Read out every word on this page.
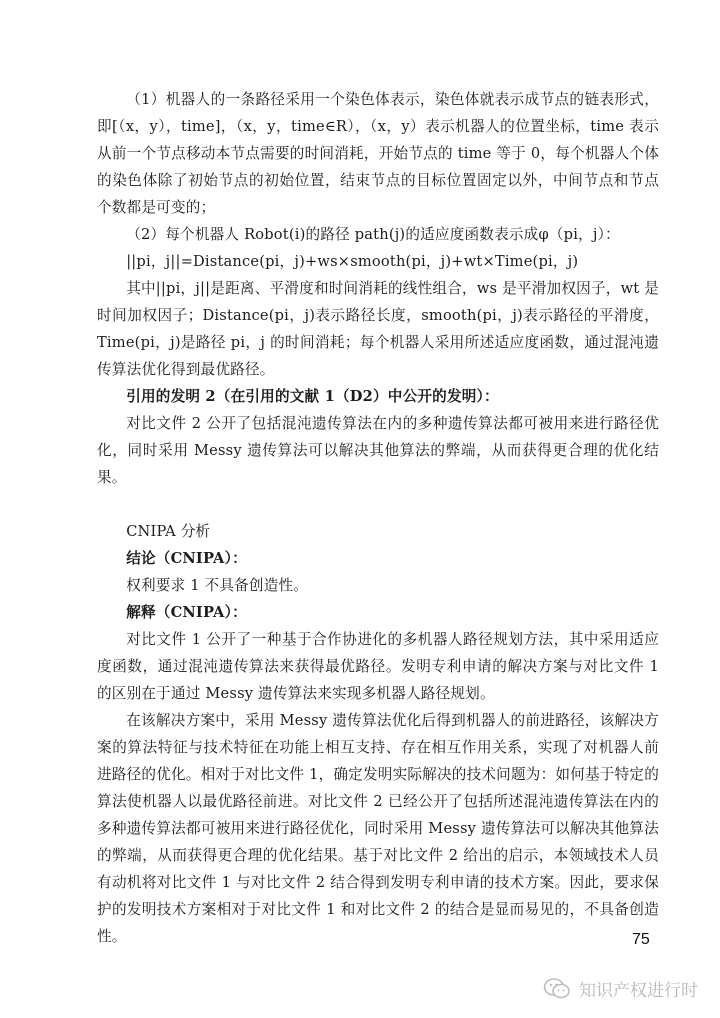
（1）机器人的一条路径采用一个染色体表示，染色体就表示成节点的链表形式，即[（x，y），time]，（x，y，time∈R），（x，y）表示机器人的位置坐标，time 表示从前一个节点移动本节点需要的时间消耗，开始节点的 time 等于 0，每个机器人个体的染色体除了初始节点的初始位置，结束节点的目标位置固定以外，中间节点和节点个数都是可变的；

（2）每个机器人 Robot(i)的路径 path(j)的适应度函数表示成φ（pi，j）：

||pi，j||=Distance(pi，j)+ws×smooth(pi，j)+wt×Time(pi，j)

其中||pi，j||是距离、平滑度和时间消耗的线性组合，ws 是平滑加权因子，wt 是时间加权因子；Distance(pi，j)表示路径长度，smooth(pi，j)表示路径的平滑度，Time(pi，j)是路径 pi，j 的时间消耗；每个机器人采用所述适应度函数，通过混沌遗传算法优化得到最优路径。

引用的发明 2（在引用的文献 1（D2）中公开的发明）：

对比文件 2 公开了包括混沌遗传算法在内的多种遗传算法都可被用来进行路径优化，同时采用 Messy 遗传算法可以解决其他算法的弊端，从而获得更合理的优化结果。

CNIPA 分析

结论（CNIPA）：

权利要求 1 不具备创造性。

解释（CNIPA）：

对比文件 1 公开了一种基于合作协进化的多机器人路径规划方法，其中采用适应度函数，通过混沌遗传算法来获得最优路径。发明专利申请的解决方案与对比文件 1 的区别在于通过 Messy 遗传算法来实现多机器人路径规划。

在该解决方案中，采用 Messy 遗传算法优化后得到机器人的前进路径，该解决方案的算法特征与技术特征在功能上相互支持、存在相互作用关系，实现了对机器人前进路径的优化。相对于对比文件 1，确定发明实际解决的技术问题为：如何基于特定的算法使机器人以最优路径前进。对比文件 2 已经公开了包括所述混沌遗传算法在内的多种遗传算法都可被用来进行路径优化，同时采用 Messy 遗传算法可以解决其他算法的弊端，从而获得更合理的优化结果。基于对比文件 2 给出的启示，本领域技术人员有动机将对比文件 1 与对比文件 2 结合得到发明专利申请的技术方案。因此，要求保护的发明技术方案相对于对比文件 1 和对比文件 2 的结合是显而易见的，不具备创造性。	75
知识产权进行时
